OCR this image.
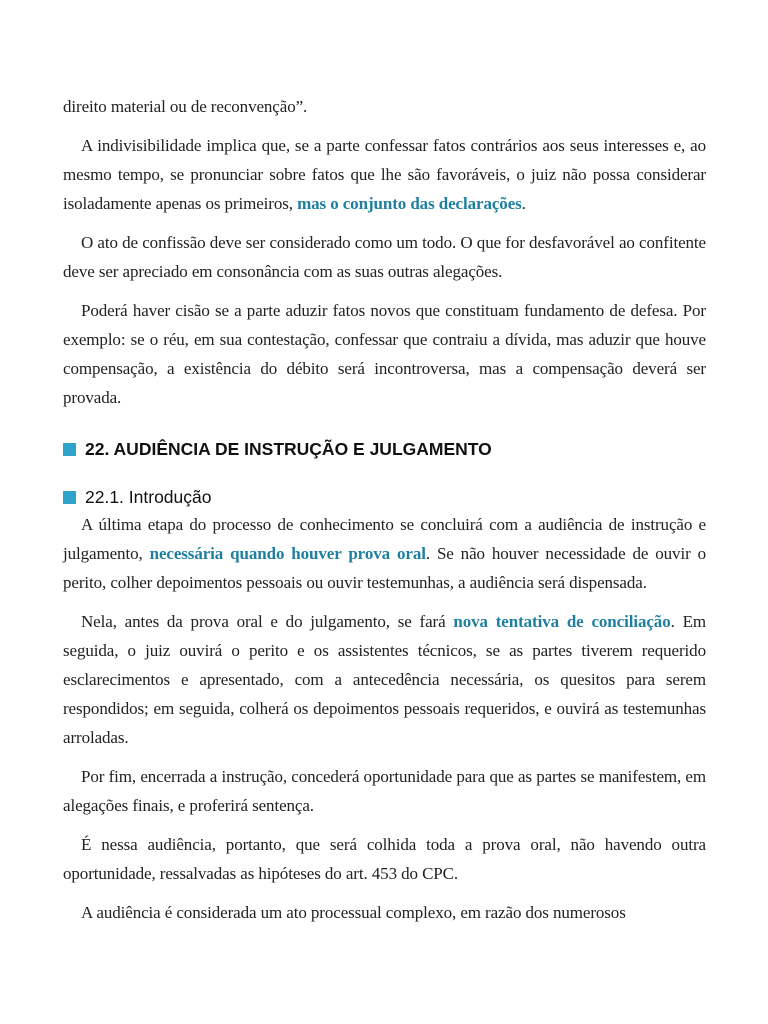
direito material ou de reconvenção”.

A indivisibilidade implica que, se a parte confessar fatos contrários aos seus interesses e, ao mesmo tempo, se pronunciar sobre fatos que lhe são favoráveis, o juiz não possa considerar isoladamente apenas os primeiros, mas o conjunto das declarações.

O ato de confissão deve ser considerado como um todo. O que for desfavorável ao confitente deve ser apreciado em consonância com as suas outras alegações.

Poderá haver cisão se a parte aduzir fatos novos que constituam fundamento de defesa. Por exemplo: se o réu, em sua contestação, confessar que contraiu a dívida, mas aduzir que houve compensação, a existência do débito será incontroversa, mas a compensação deverá ser provada.

22. AUDIÊNCIA DE INSTRUÇÃO E JULGAMENTO
22.1. Introdução

A última etapa do processo de conhecimento se concluirá com a audiência de instrução e julgamento, necessária quando houver prova oral. Se não houver necessidade de ouvir o perito, colher depoimentos pessoais ou ouvir testemunhas, a audiência será dispensada.

Nela, antes da prova oral e do julgamento, se fará nova tentativa de conciliação. Em seguida, o juiz ouvirá o perito e os assistentes técnicos, se as partes tiverem requerido esclarecimentos e apresentado, com a antecedência necessária, os quesitos para serem respondidos; em seguida, colherá os depoimentos pessoais requeridos, e ouvirá as testemunhas arroladas.

Por fim, encerrada a instrução, concederá oportunidade para que as partes se manifestem, em alegações finais, e proferirá sentença.

É nessa audiência, portanto, que será colhida toda a prova oral, não havendo outra oportunidade, ressalvadas as hipóteses do art. 453 do CPC.

A audiência é considerada um ato processual complexo, em razão dos numerosos
